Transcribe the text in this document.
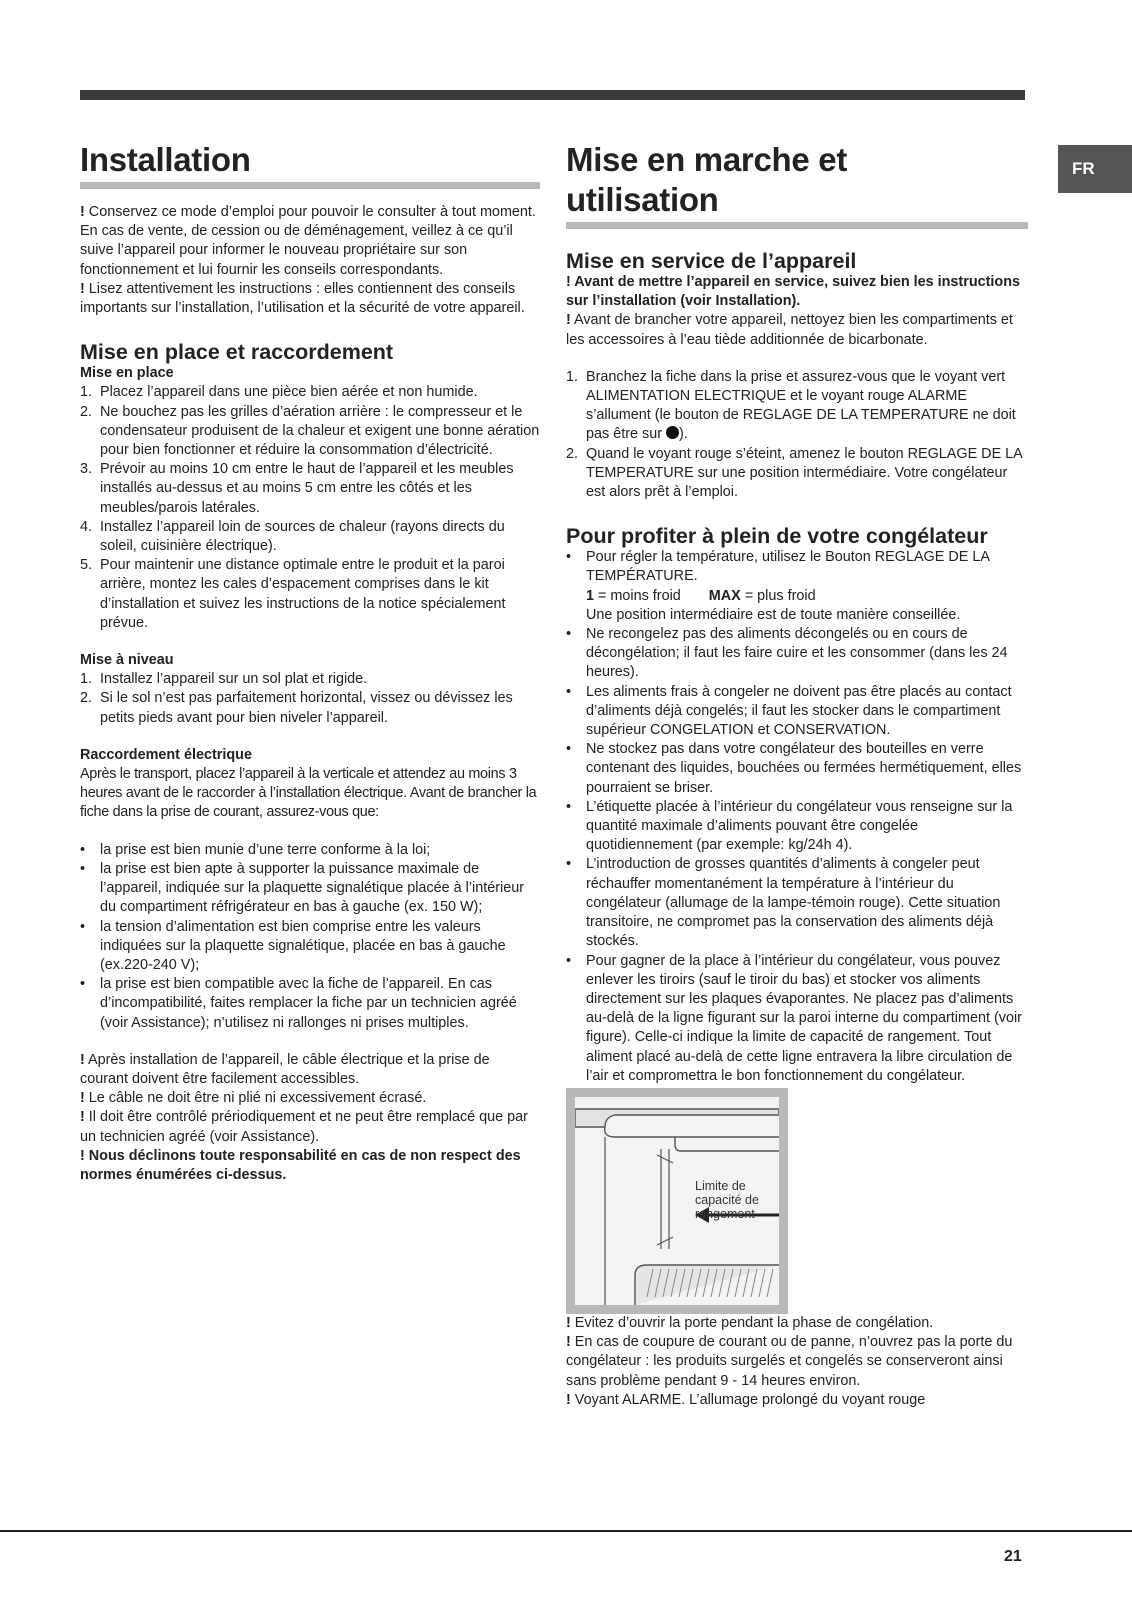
FR
Installation

! Conservez ce mode d’emploi pour pouvoir le consulter à tout moment. En cas de vente, de cession ou de déménagement, veillez à ce qu’il suive l’appareil pour informer le nouveau propriétaire sur son fonctionnement et lui fournir les conseils correspondants.

! Lisez attentivement les instructions : elles contiennent des conseils importants sur l’installation, l’utilisation et la sécurité de votre appareil.

Mise en place et raccordement
Mise en place
1. Placez l’appareil dans une pièce bien aérée et non humide.
2. Ne bouchez pas les grilles d’aération arrière : le compresseur et le condensateur produisent de la chaleur et exigent une bonne aération pour bien fonctionner et réduire la consommation d’électricité.
3. Prévoir au moins 10 cm entre le haut de l’appareil et les meubles installés au-dessus et au moins 5 cm entre les côtés et les meubles/parois latérales.
4. Installez l’appareil loin de sources de chaleur (rayons directs du soleil, cuisinière électrique).
5. Pour maintenir une distance optimale entre le produit et la paroi arrière, montez les cales d’espacement comprises dans le kit d’installation et suivez les instructions de la notice spécialement prévue.
Mise à niveau
1. Installez l’appareil sur un sol plat et rigide.
2. Si le sol n’est pas parfaitement horizontal, vissez ou dévissez les petits pieds avant pour bien niveler l’appareil.
Raccordement électrique

Après le transport, placez l’appareil à la verticale et attendez au moins 3 heures avant de le raccorder à l’installation électrique. Avant de brancher la fiche dans la prise de courant, assurez-vous que:

• la prise est bien munie d’une terre conforme à la loi;
• la prise est bien apte à supporter la puissance maximale de l’appareil, indiquée sur la plaquette signalétique placée à l’intérieur du compartiment réfrigérateur en bas à gauche (ex. 150 W);
• la tension d’alimentation est bien comprise entre les valeurs indiquées sur la plaquette signalétique, placée en bas à gauche (ex.220-240 V);
• la prise est bien compatible avec la fiche de l’appareil. En cas d’incompatibilité, faites remplacer la fiche par un technicien agréé (voir Assistance); n’utilisez ni rallonges ni prises multiples.

! Après installation de l’appareil, le câble électrique et la prise de courant doivent être facilement accessibles.

! Le câble ne doit être ni plié ni excessivement écrasé.

! Il doit être contrôlé prériodiquement et ne peut être remplacé que par un technicien agréé (voir Assistance).

! Nous déclinons toute responsabilité en cas de non respect des normes énumérées ci-dessus.

Mise en marche et
utilisation
Mise en service de l’appareil

! Avant de mettre l’appareil en service, suivez bien les instructions sur l’installation (voir Installation).

! Avant de brancher votre appareil, nettoyez bien les compartiments et les accessoires à l’eau tiède additionnée de bicarbonate.

1. Branchez la fiche dans la prise et assurez-vous que le voyant vert ALIMENTATION ELECTRIQUE et le voyant rouge ALARME s’allument (le bouton de REGLAGE DE LA TEMPERATURE ne doit pas être sur ).
2. Quand le voyant rouge s’éteint, amenez le bouton REGLAGE DE LA TEMPERATURE sur une position intermédiaire. Votre congélateur est alors prêt à l’emploi.
Pour profiter à plein de votre congélateur
• Pour régler la température, utilisez le Bouton REGLAGE DE LA TEMPÉRATURE.
1 = moins froid MAX = plus froid
Une position intermédiaire est de toute manière conseillée.
• Ne recongelez pas des aliments décongelés ou en cours de décongélation; il faut les faire cuire et les consommer (dans les 24 heures).
• Les aliments frais à congeler ne doivent pas être placés au contact d’aliments déjà congelés; il faut les stocker dans le compartiment supérieur CONGELATION et CONSERVATION.
• Ne stockez pas dans votre congélateur des bouteilles en verre contenant des liquides, bouchées ou fermées hermétiquement, elles pourraient se briser.
• L’étiquette placée à l’intérieur du congélateur vous renseigne sur la quantité maximale d’aliments pouvant être congelée quotidiennement (par exemple: kg/24h 4).
• L’introduction de grosses quantités d’aliments à congeler peut réchauffer momentanément la température à l’intérieur du congélateur (allumage de la lampe-témoin rouge). Cette situation transitoire, ne compromet pas la conservation des aliments déjà stockés.
• Pour gagner de la place à l’intérieur du congélateur, vous pouvez enlever les tiroirs (sauf le tiroir du bas) et stocker vos aliments directement sur les plaques évaporantes. Ne placez pas d’aliments au-delà de la ligne figurant sur la paroi interne du compartiment (voir figure). Celle-ci indique la limite de capacité de rangement. Tout aliment placé au-delà de cette ligne entravera la libre circulation de l’air et compromettra le bon fonctionnement du congélateur.
Limite de
capacité de
rangement

! Evitez d’ouvrir la porte pendant la phase de congélation.

! En cas de coupure de courant ou de panne, n’ouvrez pas la porte du congélateur : les produits surgelés et congelés se conserveront ainsi sans problème pendant 9 - 14 heures environ.

! Voyant ALARME. L’allumage prolongé du voyant rouge

21
